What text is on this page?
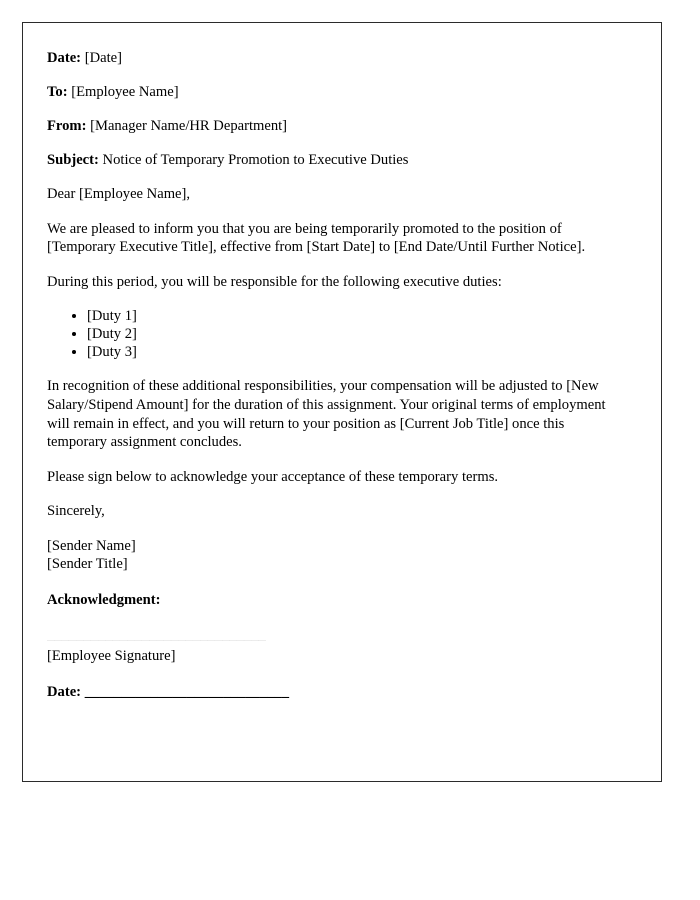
Date: [Date]
To: [Employee Name]
From: [Manager Name/HR Department]
Subject: Notice of Temporary Promotion to Executive Duties

Dear [Employee Name],

We are pleased to inform you that you are being temporarily promoted to the position of [Temporary Executive Title], effective from [Start Date] to [End Date/Until Further Notice].

During this period, you will be responsible for the following executive duties:

• [Duty 1]
• [Duty 2]
• [Duty 3]

In recognition of these additional responsibilities, your compensation will be adjusted to [New Salary/Stipend Amount] for the duration of this assignment. Your original terms of employment will remain in effect, and you will return to your position as [Current Job Title] once this temporary assignment concludes.

Please sign below to acknowledge your acceptance of these temporary terms.

Sincerely,

[Sender Name]
[Sender Title]
Acknowledgment:
______________________________
[Employee Signature]
Date: ____________________________
